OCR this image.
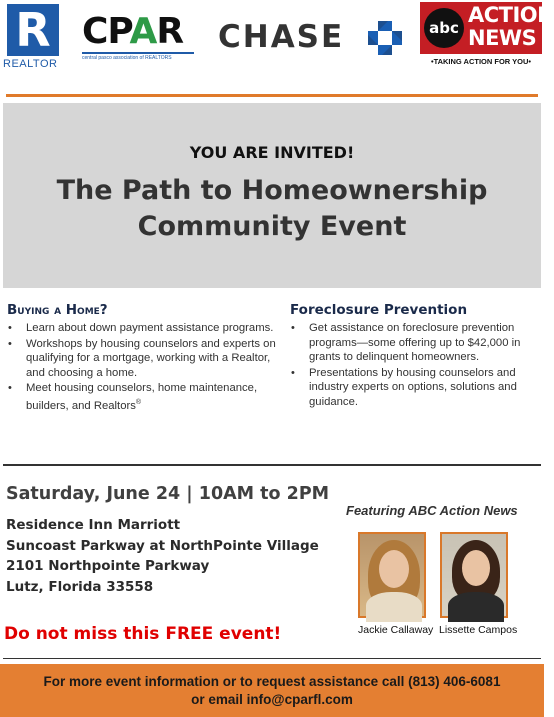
R
REALTOR
CPAR
central pasco association of REALTORS
CHASE	abc
ACTION
NEWS
•TAKING ACTION FOR YOU•
YOU ARE INVITED!
The Path to Homeownership
Community Event
Buying a Home?
• Learn about down payment assistance programs.
• Workshops by housing counselors and experts on qualifying for a mortgage, working with a Realtor, and choosing a home.
• Meet housing counselors, home maintenance, builders, and Realtors®
Foreclosure Prevention
• Get assistance on foreclosure prevention programs—some offering up to $42,000 in grants to delinquent homeowners.
• Presentations by housing counselors and industry experts on options, solutions and guidance.
Saturday, June 24 | 10AM to 2PM
Residence Inn Marriott
Suncoast Parkway at NorthPointe Village
2101 Northpointe Parkway
Lutz, Florida 33558
Do not miss this FREE event!
Featuring ABC Action News
Jackie Callaway Lissette Campos
For more event information or to request assistance call (813) 406-6081
or email info@cparfl.com
